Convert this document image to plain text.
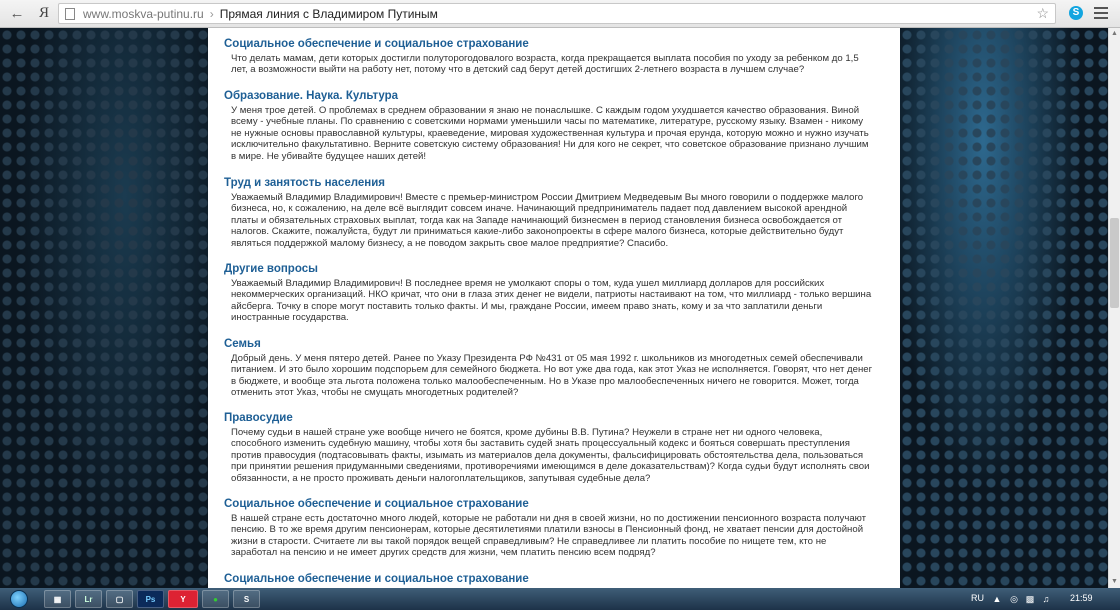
← Я	www.moskva-putinu.ru › Прямая линия с Владимиром Путиным	☆	S
Социальное обеспечение и социальное страхование

Что делать мамам, дети которых достигли полуторогодовалого возраста, когда прекращается выплата пособия по уходу за ребенком до 1,5 лет, а возможности выйти на работу нет, потому что в детский сад берут детей достигших 2-летнего возраста в лучшем случае?

Образование. Наука. Культура

У меня трое детей. О проблемах в среднем образовании я знаю не понаслышке. С каждым годом ухудшается качество образования. Виной всему - учебные планы. По сравнению с советскими нормами уменьшили часы по математике, литературе, русскому языку. Взамен - никому не нужные основы православной культуры, краеведение, мировая художественная культура и прочая ерунда, которую можно и нужно изучать исключительно факультативно. Верните советскую систему образования! Ни для кого не секрет, что советское образование признано лучшим в мире. Не убивайте будущее наших детей!

Труд и занятость населения

Уважаемый Владимир Владимирович! Вместе с премьер-министром России Дмитрием Медведевым Вы много говорили о поддержке малого бизнеса, но, к сожалению, на деле всё выглядит совсем иначе. Начинающий предприниматель падает под давлением высокой арендной платы и обязательных страховых выплат, тогда как на Западе начинающий бизнесмен в период становления бизнеса освобождается от налогов. Скажите, пожалуйста, будут ли приниматься какие-либо законопроекты в сфере малого бизнеса, которые действительно будут являться поддержкой малому бизнесу, а не поводом закрыть свое малое предприятие? Спасибо.

Другие вопросы

Уважаемый Владимир Владимирович! В последнее время не умолкают споры о том, куда ушел миллиард долларов для российских некоммерческих организаций. НКО кричат, что они в глаза этих денег не видели, патриоты настаивают на том, что миллиард - только вершина айсберга. Точку в споре могут поставить только факты. И мы, граждане России, имеем право знать, кому и за что заплатили деньги иностранные государства.

Семья

Добрый день. У меня пятеро детей. Ранее по Указу Президента РФ №431 от 05 мая 1992 г. школьников из многодетных семей обеспечивали питанием. И это было хорошим подспорьем для семейного бюджета. Но вот уже два года, как этот Указ не исполняется. Говорят, что нет денег в бюджете, и вообще эта льгота положена только малообеспеченным. Но в Указе про малообеспеченных ничего не говорится. Может, тогда отменить этот Указ, чтобы не смущать многодетных родителей?

Правосудие

Почему судьи в нашей стране уже вообще ничего не боятся, кроме дубины В.В. Путина? Неужели в стране нет ни одного человека, способного изменить судебную машину, чтобы хотя бы заставить судей знать процессуальный кодекс и бояться совершать преступления против правосудия (подтасовывать факты, изымать из материалов дела документы, фальсифицировать обстоятельства дела, пользоваться при принятии решения придуманными сведениями, противоречиями имеющимся в деле доказательствам)? Когда судьи будут исполнять свои обязанности, а не просто проживать деньги налогоплательщиков, запутывая судебные дела?

Социальное обеспечение и социальное страхование

В нашей стране есть достаточно много людей, которые не работали ни дня в своей жизни, но по достижении пенсионного возраста получают пенсию. В то же время другим пенсионерам, которые десятилетиями платили взносы в Пенсионный фонд, не хватает пенсии для достойной жизни в старости. Считаете ли вы такой порядок вещей справедливым? Не справедливее ли платить пособие по нищете тем, кто не заработал на пенсию и не имеет других средств для жизни, чем платить пенсию всем подряд?

Социальное обеспечение и социальное страхование

▲
▼
▦	Lr	▢	Ps	Y	●	S	RU ▲ ◎ ▩ ♫ 21:59
